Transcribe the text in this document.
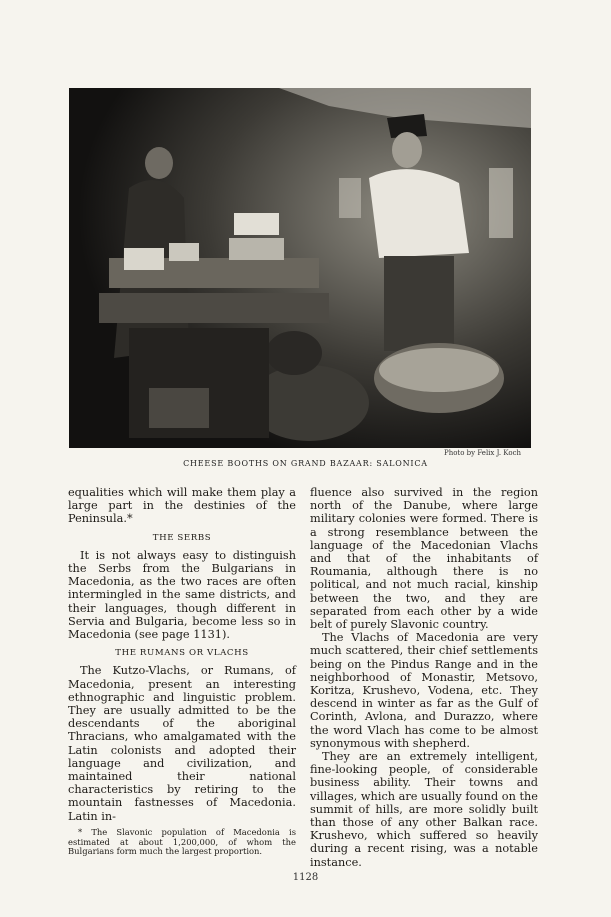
Photo by Felix J. Koch
CHEESE BOOTHS ON GRAND BAZAAR: SALONICA

equalities which will make them play a large part in the destinies of the Peninsula.*

THE SERBS

It is not always easy to distinguish the Serbs from the Bulgarians in Macedonia, as the two races are often intermingled in the same districts, and their languages, though different in Servia and Bulgaria, become less so in Macedonia (see page 1131).

THE RUMANS OR VLACHS

The Kutzo-Vlachs, or Rumans, of Macedonia, present an interesting ethnographic and linguistic problem. They are usually admitted to be the descendants of the aboriginal Thracians, who amalgamated with the Latin colonists and adopted their language and civilization, and maintained their national characteristics by retiring to the mountain fastnesses of Macedonia. Latin in-

* The Slavonic population of Macedonia is estimated at about 1,200,000, of whom the Bulgarians form much the largest proportion.

fluence also survived in the region north of the Danube, where large military colonies were formed. There is a strong resemblance between the language of the Macedonian Vlachs and that of the inhabitants of Roumania, although there is no political, and not much racial, kinship between the two, and they are separated from each other by a wide belt of purely Slavonic country.

The Vlachs of Macedonia are very much scattered, their chief settlements being on the Pindus Range and in the neighborhood of Monastir, Metsovo, Koritza, Krushevo, Vodena, etc. They descend in winter as far as the Gulf of Corinth, Avlona, and Durazzo, where the word Vlach has come to be almost synonymous with shepherd.

They are an extremely intelligent, fine-looking people, of considerable business ability. Their towns and villages, which are usually found on the summit of hills, are more solidly built than those of any other Balkan race. Krushevo, which suffered so heavily during a recent rising, was a notable instance.

1128
